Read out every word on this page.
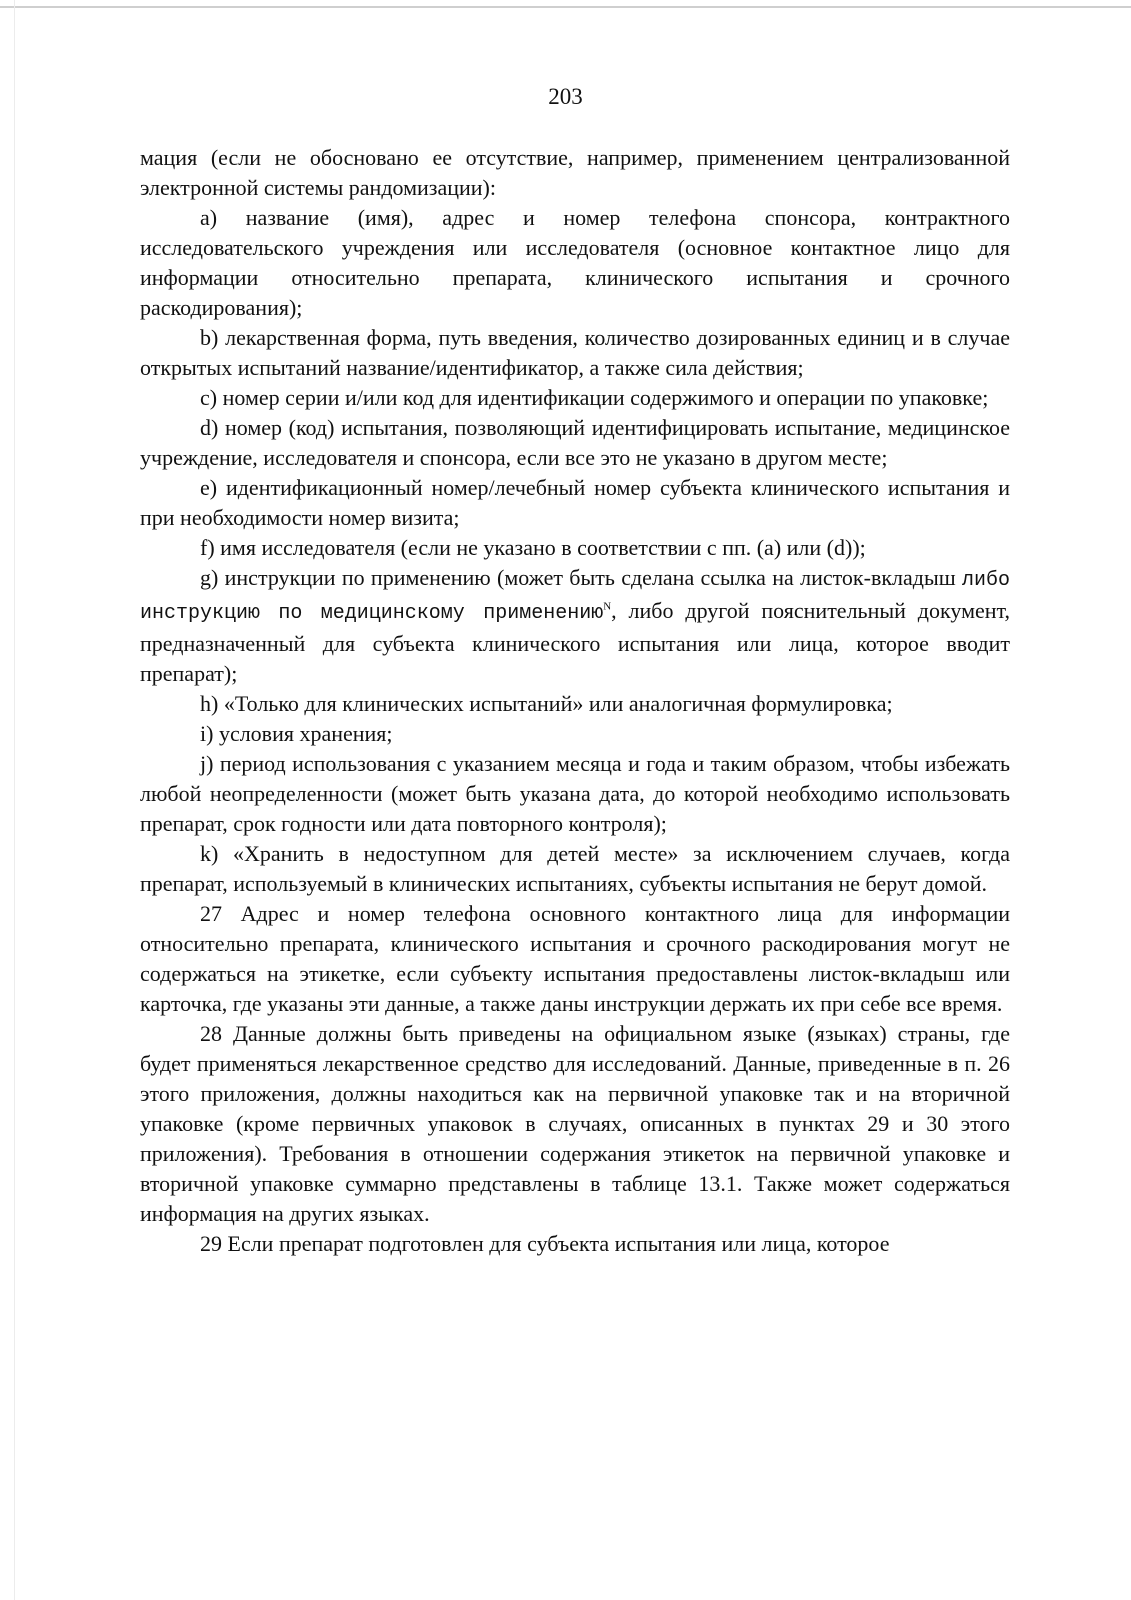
203

мация (если не обосновано ее отсутствие, например, применением централизованной электронной системы рандомизации):

a) название (имя), адрес и номер телефона спонсора, контрактного исследовательского учреждения или исследователя (основное контактное лицо для информации относительно препарата, клинического испытания и срочного раскодирования);

b) лекарственная форма, путь введения, количество дозированных единиц и в случае открытых испытаний название/идентификатор, а также сила действия;

c) номер серии и/или код для идентификации содержимого и операции по упаковке;

d) номер (код) испытания, позволяющий идентифицировать испытание, медицинское учреждение, исследователя и спонсора, если все это не указано в другом месте;

e) идентификационный номер/лечебный номер субъекта клинического испытания и при необходимости номер визита;

f) имя исследователя (если не указано в соответствии с пп. (a) или (d));

g) инструкции по применению (может быть сделана ссылка на листок-вкладыш либо инструкцию по медицинскому применению$^N$, либо другой пояснительный документ, предназначенный для субъекта клинического испытания или лица, которое вводит препарат);

h) «Только для клинических испытаний» или аналогичная формулировка;

i) условия хранения;

j) период использования с указанием месяца и года и таким образом, чтобы избежать любой неопределенности (может быть указана дата, до которой необходимо использовать препарат, срок годности или дата повторного контроля);

k) «Хранить в недоступном для детей месте» за исключением случаев, когда препарат, используемый в клинических испытаниях, субъекты испытания не берут домой.

27 Адрес и номер телефона основного контактного лица для информации относительно препарата, клинического испытания и срочного раскодирования могут не содержаться на этикетке, если субъекту испытания предоставлены листок-вкладыш или карточка, где указаны эти данные, а также даны инструкции держать их при себе все время.

28 Данные должны быть приведены на официальном языке (языках) страны, где будет применяться лекарственное средство для исследований. Данные, приведенные в п. 26 этого приложения, должны находиться как на первичной упаковке так и на вторичной упаковке (кроме первичных упаковок в случаях, описанных в пунктах 29 и 30 этого приложения). Требования в отношении содержания этикеток на первичной упаковке и вторичной упаковке суммарно представлены в таблице 13.1. Также может содержаться информация на других языках.

29 Если препарат подготовлен для субъекта испытания или лица, которое
